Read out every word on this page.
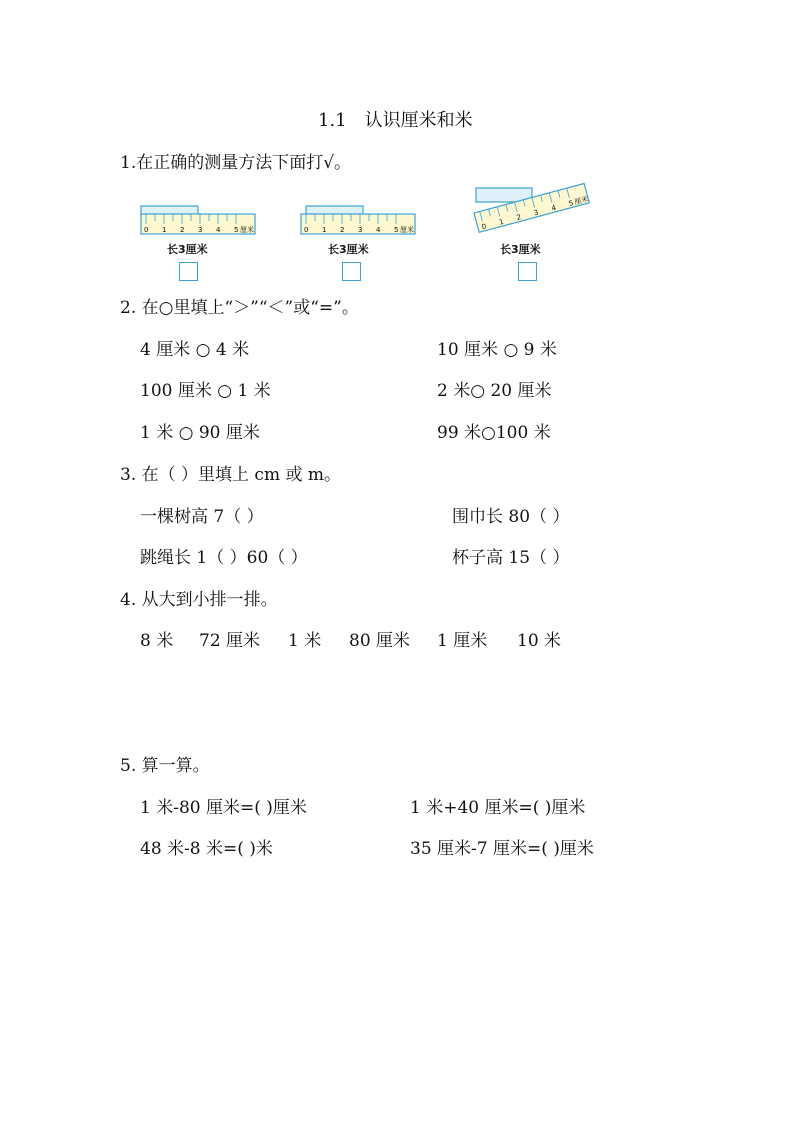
1.1　认识厘米和米
1.在正确的测量方法下面打√。
0 1 2 3 4 5 厘米
长3厘米
0 1 2 3 4 5 厘米
长3厘米
0
1
2
3
4
5 厘米
长3厘米
2. 在○里填上“＞”“＜”或“=”。
4 厘米 ○ 4 米	10 厘米 ○ 9 米
100 厘米 ○ 1 米	2 米○ 20 厘米
1 米 ○ 90 厘米	99 米○100 米
3. 在（ ）里填上 cm 或 m。
一棵树高 7（ ）	围巾长 80（ ）
跳绳长 1（ ）60（ ）	杯子高 15（ ）
4. 从大到小排一排。
8 米 72 厘米 1 米 80 厘米 1 厘米 10 米
5. 算一算。
1 米-80 厘米=( )厘米	1 米+40 厘米=( )厘米
48 米-8 米=( )米	35 厘米-7 厘米=( )厘米
